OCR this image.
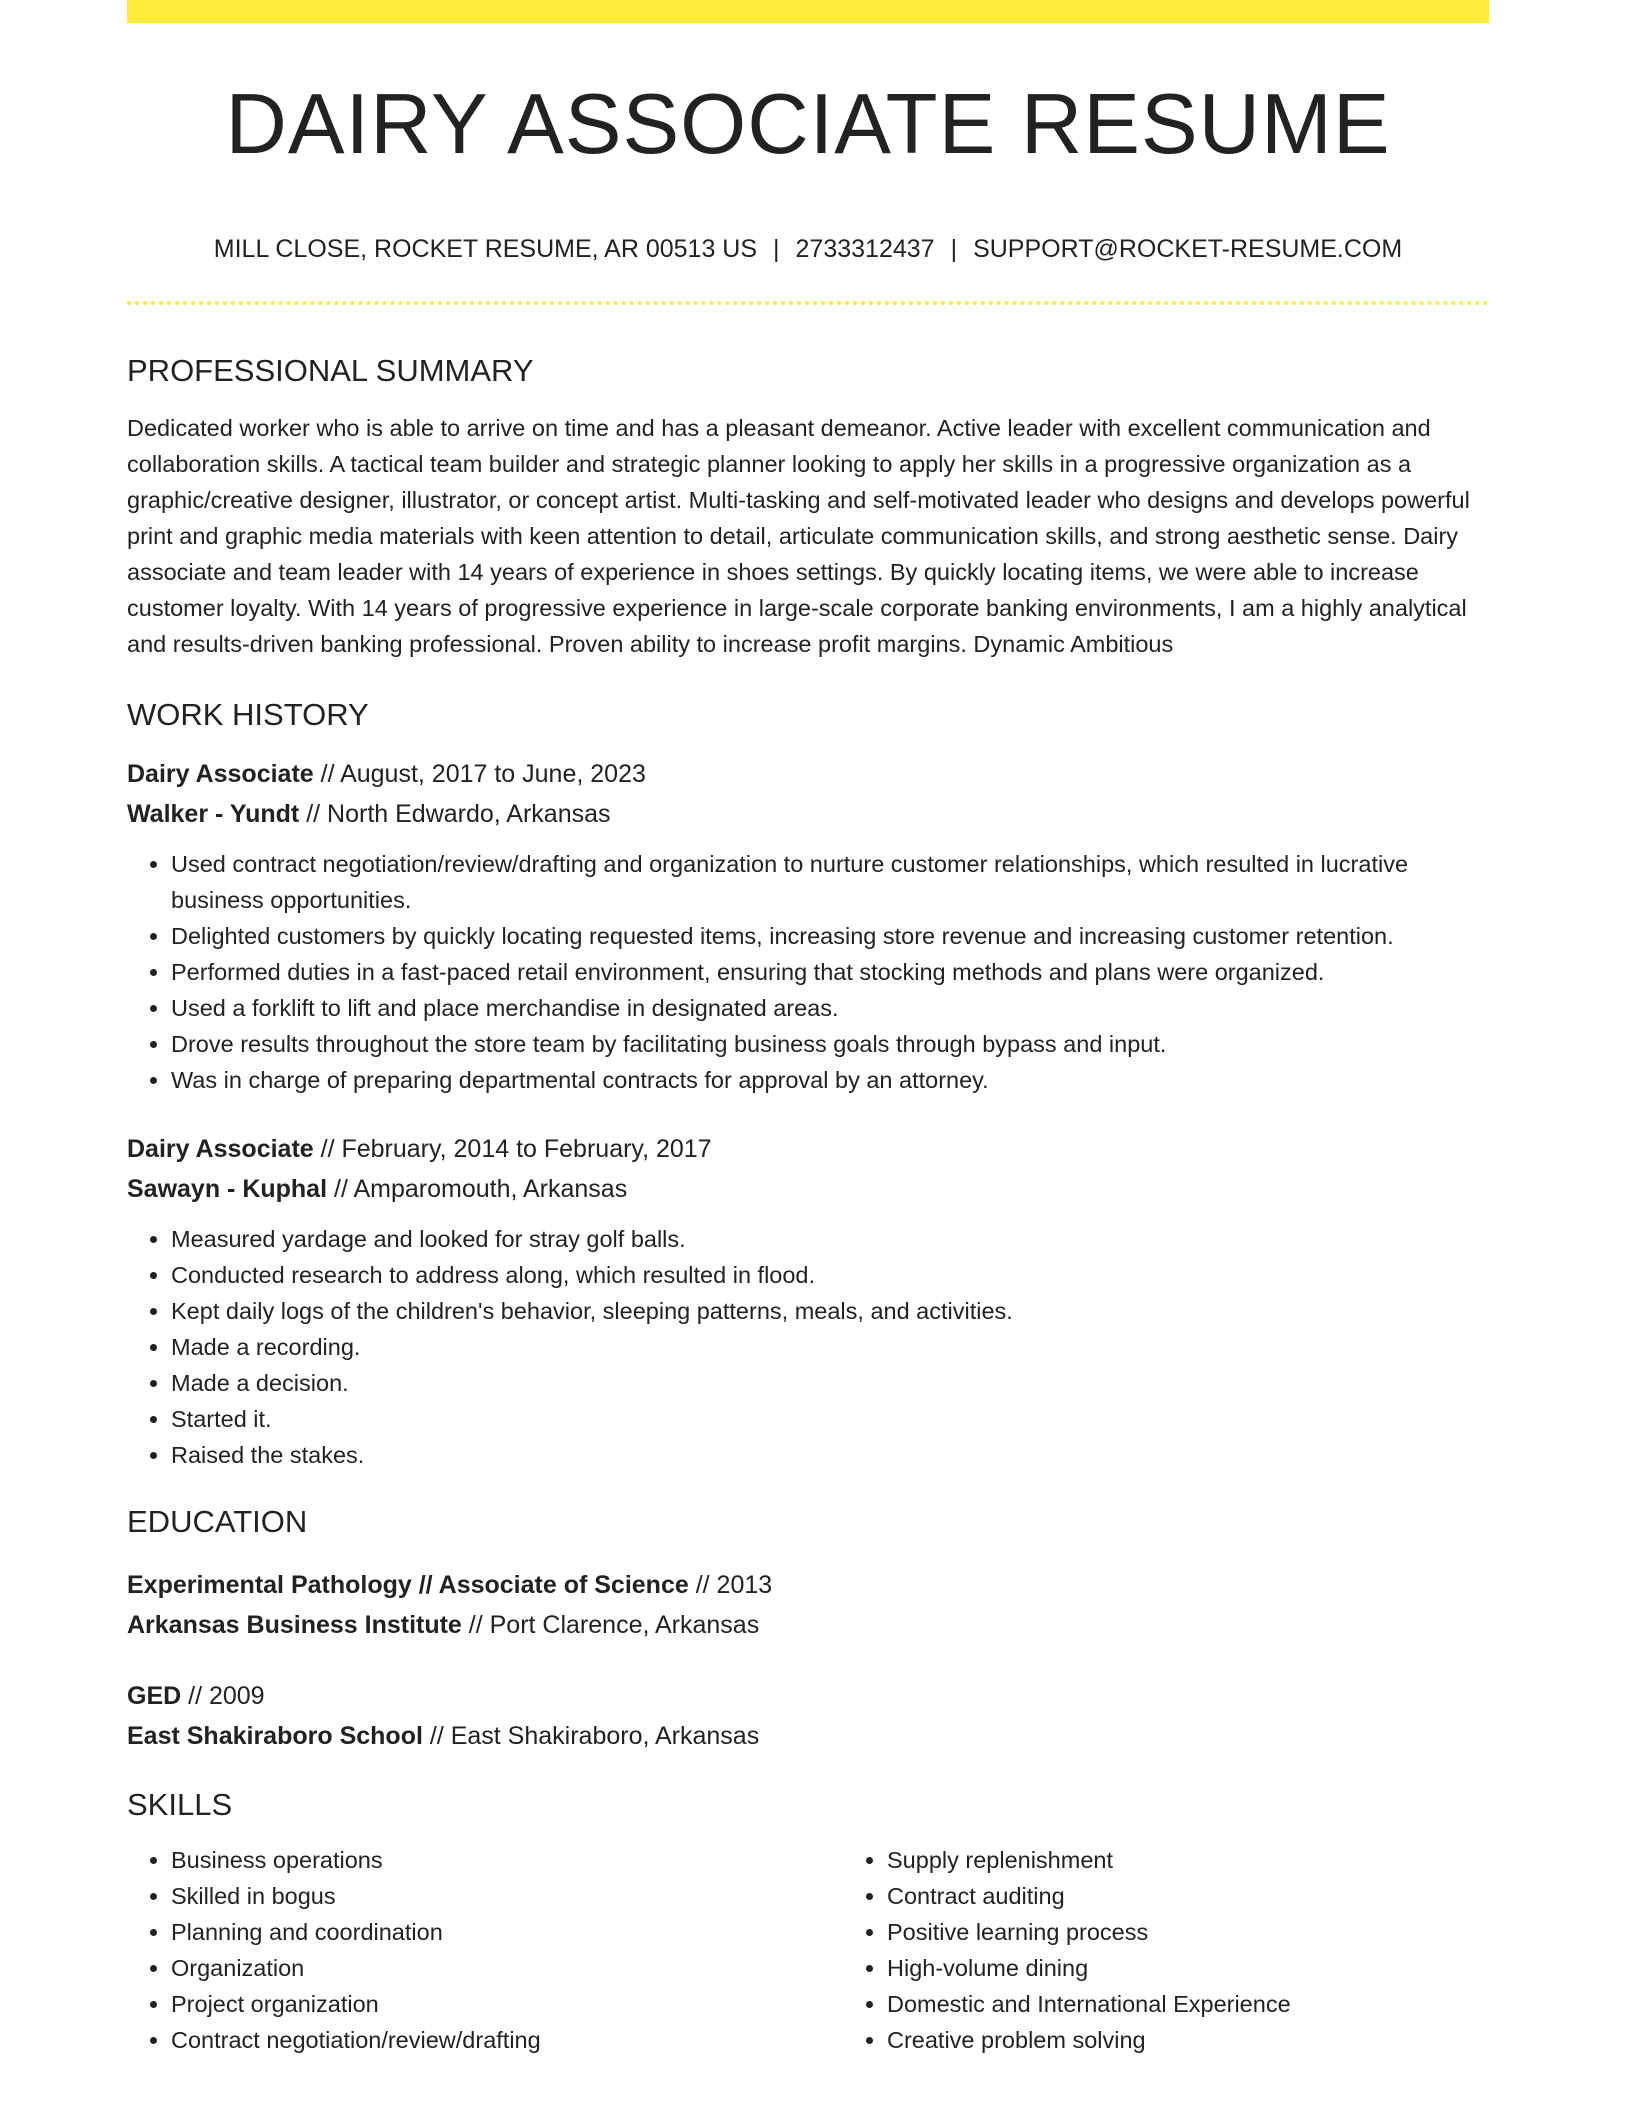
DAIRY ASSOCIATE RESUME
MILL CLOSE, ROCKET RESUME, AR 00513 US | 2733312437 | SUPPORT@ROCKET-RESUME.COM
PROFESSIONAL SUMMARY
Dedicated worker who is able to arrive on time and has a pleasant demeanor. Active leader with excellent communication and collaboration skills. A tactical team builder and strategic planner looking to apply her skills in a progressive organization as a graphic/creative designer, illustrator, or concept artist. Multi-tasking and self-motivated leader who designs and develops powerful print and graphic media materials with keen attention to detail, articulate communication skills, and strong aesthetic sense. Dairy associate and team leader with 14 years of experience in shoes settings. By quickly locating items, we were able to increase customer loyalty. With 14 years of progressive experience in large-scale corporate banking environments, I am a highly analytical and results-driven banking professional. Proven ability to increase profit margins. Dynamic Ambitious
WORK HISTORY
Dairy Associate // August, 2017 to June, 2023
Walker - Yundt // North Edwardo, Arkansas
• Used contract negotiation/review/drafting and organization to nurture customer relationships, which resulted in lucrative business opportunities.
• Delighted customers by quickly locating requested items, increasing store revenue and increasing customer retention.
• Performed duties in a fast-paced retail environment, ensuring that stocking methods and plans were organized.
• Used a forklift to lift and place merchandise in designated areas.
• Drove results throughout the store team by facilitating business goals through bypass and input.
• Was in charge of preparing departmental contracts for approval by an attorney.
Dairy Associate // February, 2014 to February, 2017
Sawayn - Kuphal // Amparomouth, Arkansas
• Measured yardage and looked for stray golf balls.
• Conducted research to address along, which resulted in flood.
• Kept daily logs of the children's behavior, sleeping patterns, meals, and activities.
• Made a recording.
• Made a decision.
• Started it.
• Raised the stakes.
EDUCATION
Experimental Pathology // Associate of Science // 2013
Arkansas Business Institute // Port Clarence, Arkansas
GED // 2009
East Shakiraboro School // East Shakiraboro, Arkansas
SKILLS
• Business operations
• Skilled in bogus
• Planning and coordination
• Organization
• Project organization
• Contract negotiation/review/drafting
• Supply replenishment
• Contract auditing
• Positive learning process
• High-volume dining
• Domestic and International Experience
• Creative problem solving
